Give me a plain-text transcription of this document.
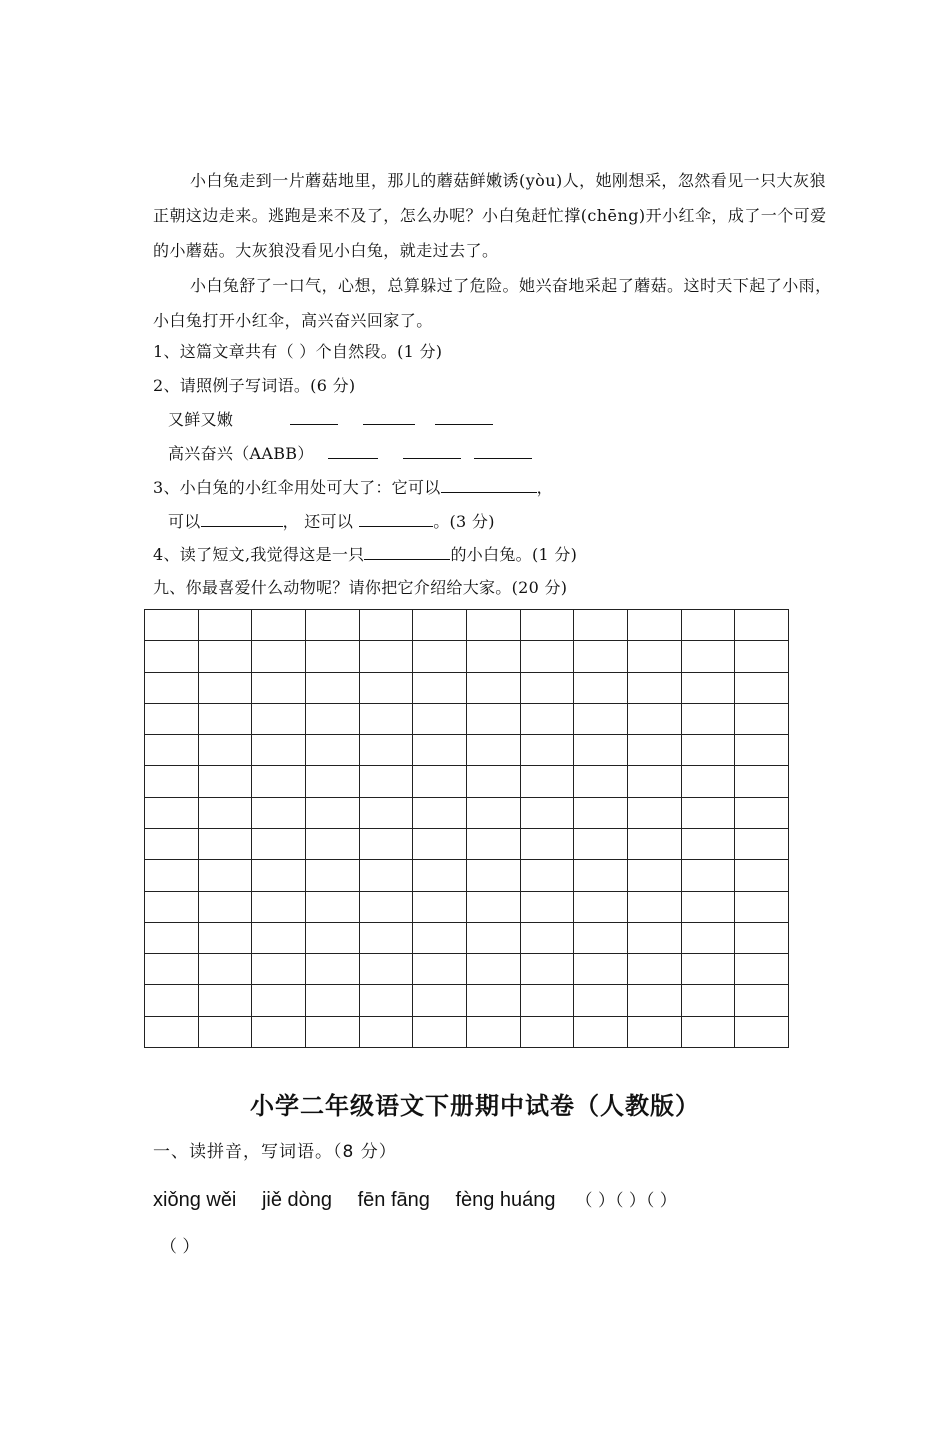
小白兔走到一片蘑菇地里，那儿的蘑菇鲜嫩诱(yòu)人，她刚想采，忽然看见一只大灰狼正朝这边走来。逃跑是来不及了，怎么办呢？小白兔赶忙撑(chēng)开小红伞，成了一个可爱的小蘑菇。大灰狼没看见小白兔，就走过去了。
小白兔舒了一口气，心想，总算躲过了危险。她兴奋地采起了蘑菇。这时天下起了小雨，小白兔打开小红伞，高兴奋兴回家了。
1、这篇文章共有（ ）个自然段。(1 分)
2、请照例子写词语。(6 分)
又鲜又嫩
高兴奋兴（AABB）
3、小白兔的小红伞用处可大了：它可以	，
可以	， 还可以	。(3 分)
4、读了短文,我觉得这是一只	的小白兔。(1 分)
九、你最喜爱什么动物呢？请你把它介绍给大家。(20 分)

小学二年级语文下册期中试卷（人教版）
一、读拼音，写词语。（8 分）
xiǒng wěi jiě dòng fēn fāng fèng huáng （ ）（ ）（ ）
（ ）
